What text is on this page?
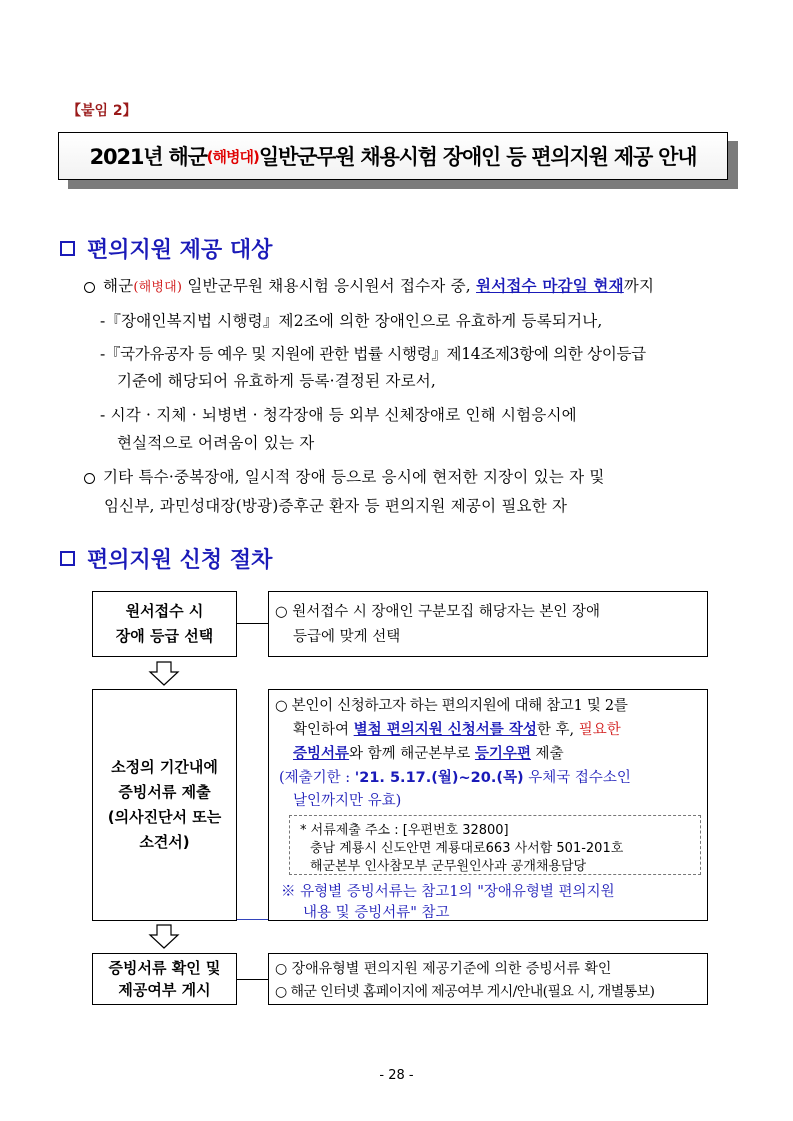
【붙임 2】
2021년 해군 (해병대) 일반군무원 채용시험 장애인 등 편의지원 제공 안내
편의지원 제공 대상
해군(해병대) 일반군무원 채용시험 응시원서 접수자 중, 원서접수 마감일 현재까지
-『장애인복지법 시행령』제2조에 의한 장애인으로 유효하게 등록되거나,
-『국가유공자 등 예우 및 지원에 관한 법률 시행령』제14조제3항에 의한 상이등급
기준에 해당되어 유효하게 등록·결정된 자로서,
- 시각 · 지체 · 뇌병변 · 청각장애 등 외부 신체장애로 인해 시험응시에
현실적으로 어려움이 있는 자
기타 특수·중복장애, 일시적 장애 등으로 응시에 현저한 지장이 있는 자 및
임신부, 과민성대장(방광)증후군 환자 등 편의지원 제공이 필요한 자
편의지원 신청 절차
원서접수 시
장애 등급 선택
○ 원서접수 시 장애인 구분모집 해당자는 본인 장애
등급에 맞게 선택
소정의 기간내에
증빙서류 제출
(의사진단서 또는
소견서)
○ 본인이 신청하고자 하는 편의지원에 대해 참고1 및 2를
확인하여 별첨 편의지원 신청서를 작성한 후, 필요한
증빙서류와 함께 해군본부로 등기우편 제출
(제출기한 : '21. 5.17.(월)~20.(목) 우체국 접수소인
날인까지만 유효)
* 서류제출 주소 : [우편번호 32800]
충남 계룡시 신도안면 계룡대로663 사서함 501-201호
해군본부 인사참모부 군무원인사과 공개채용담당
※ 유형별 증빙서류는 참고1의 "장애유형별 편의지원
내용 및 증빙서류" 참고
증빙서류 확인 및
제공여부 게시
○ 장애유형별 편의지원 제공기준에 의한 증빙서류 확인
○ 해군 인터넷 홈페이지에 제공여부 게시/안내(필요 시, 개별통보)
- 28 -
